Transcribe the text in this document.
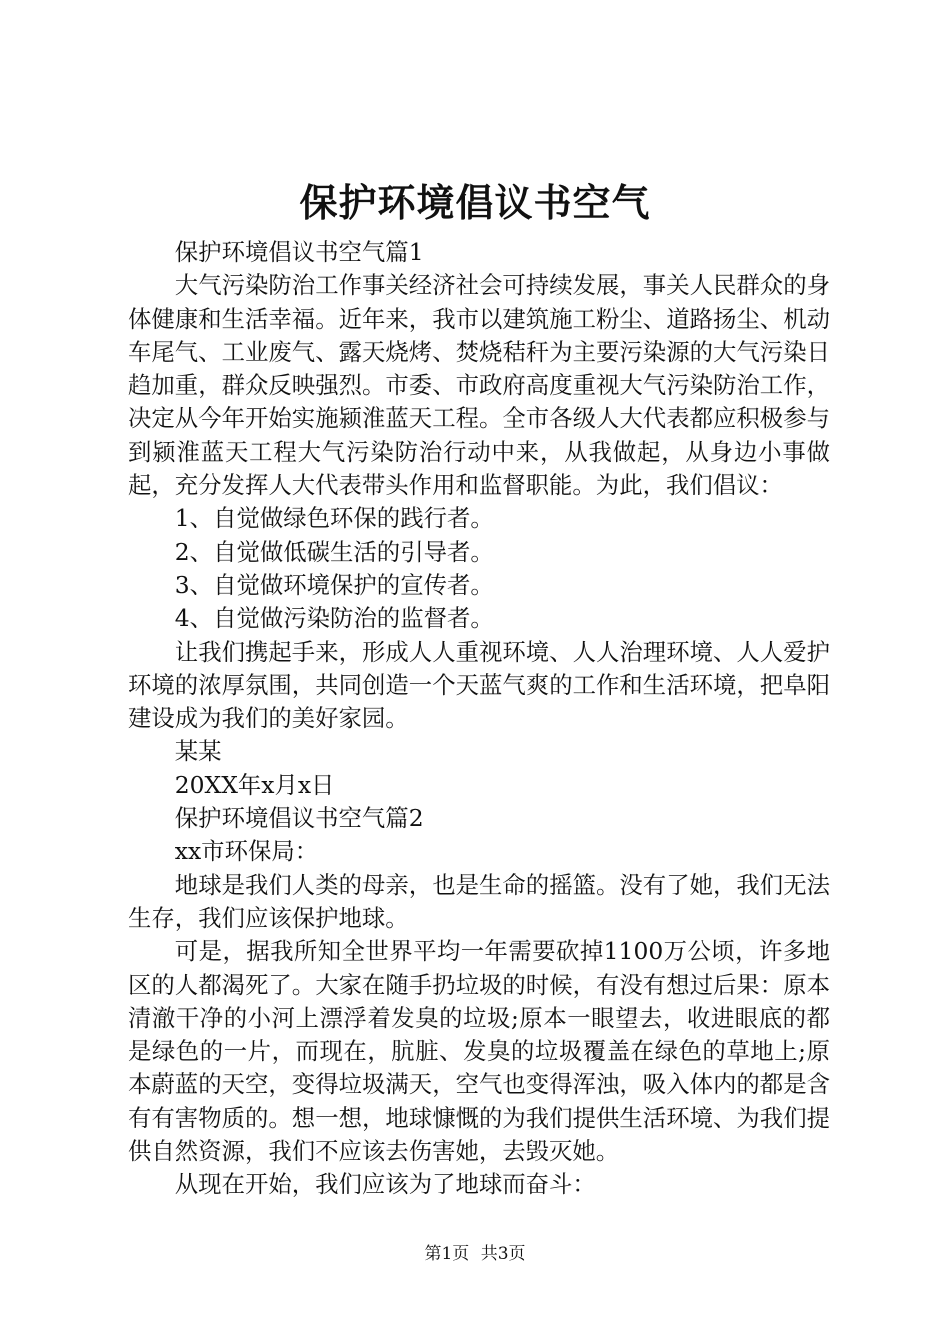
保护环境倡议书空气

保护环境倡议书空气篇1

大气污染防治工作事关经济社会可持续发展，事关人民群众的身体健康和生活幸福。近年来，我市以建筑施工粉尘、道路扬尘、机动车尾气、工业废气、露天烧烤、焚烧秸秆为主要污染源的大气污染日趋加重，群众反映强烈。市委、市政府高度重视大气污染防治工作，决定从今年开始实施颍淮蓝天工程。全市各级人大代表都应积极参与到颍淮蓝天工程大气污染防治行动中来，从我做起，从身边小事做起，充分发挥人大代表带头作用和监督职能。为此，我们倡议：

1、自觉做绿色环保的践行者。

2、自觉做低碳生活的引导者。

3、自觉做环境保护的宣传者。

4、自觉做污染防治的监督者。

让我们携起手来，形成人人重视环境、人人治理环境、人人爱护环境的浓厚氛围，共同创造一个天蓝气爽的工作和生活环境，把阜阳建设成为我们的美好家园。

某某

20XX年x月x日

保护环境倡议书空气篇2

xx市环保局：

地球是我们人类的母亲，也是生命的摇篮。没有了她，我们无法生存，我们应该保护地球。

可是，据我所知全世界平均一年需要砍掉1100万公顷，许多地区的人都渴死了。大家在随手扔垃圾的时候，有没有想过后果：原本清澈干净的小河上漂浮着发臭的垃圾;原本一眼望去，收进眼底的都是绿色的一片，而现在，肮脏、发臭的垃圾覆盖在绿色的草地上;原本蔚蓝的天空，变得垃圾满天，空气也变得浑浊，吸入体内的都是含有有害物质的。想一想，地球慷慨的为我们提供生活环境、为我们提供自然资源，我们不应该去伤害她，去毁灭她。

从现在开始，我们应该为了地球而奋斗：

第1页 共3页
